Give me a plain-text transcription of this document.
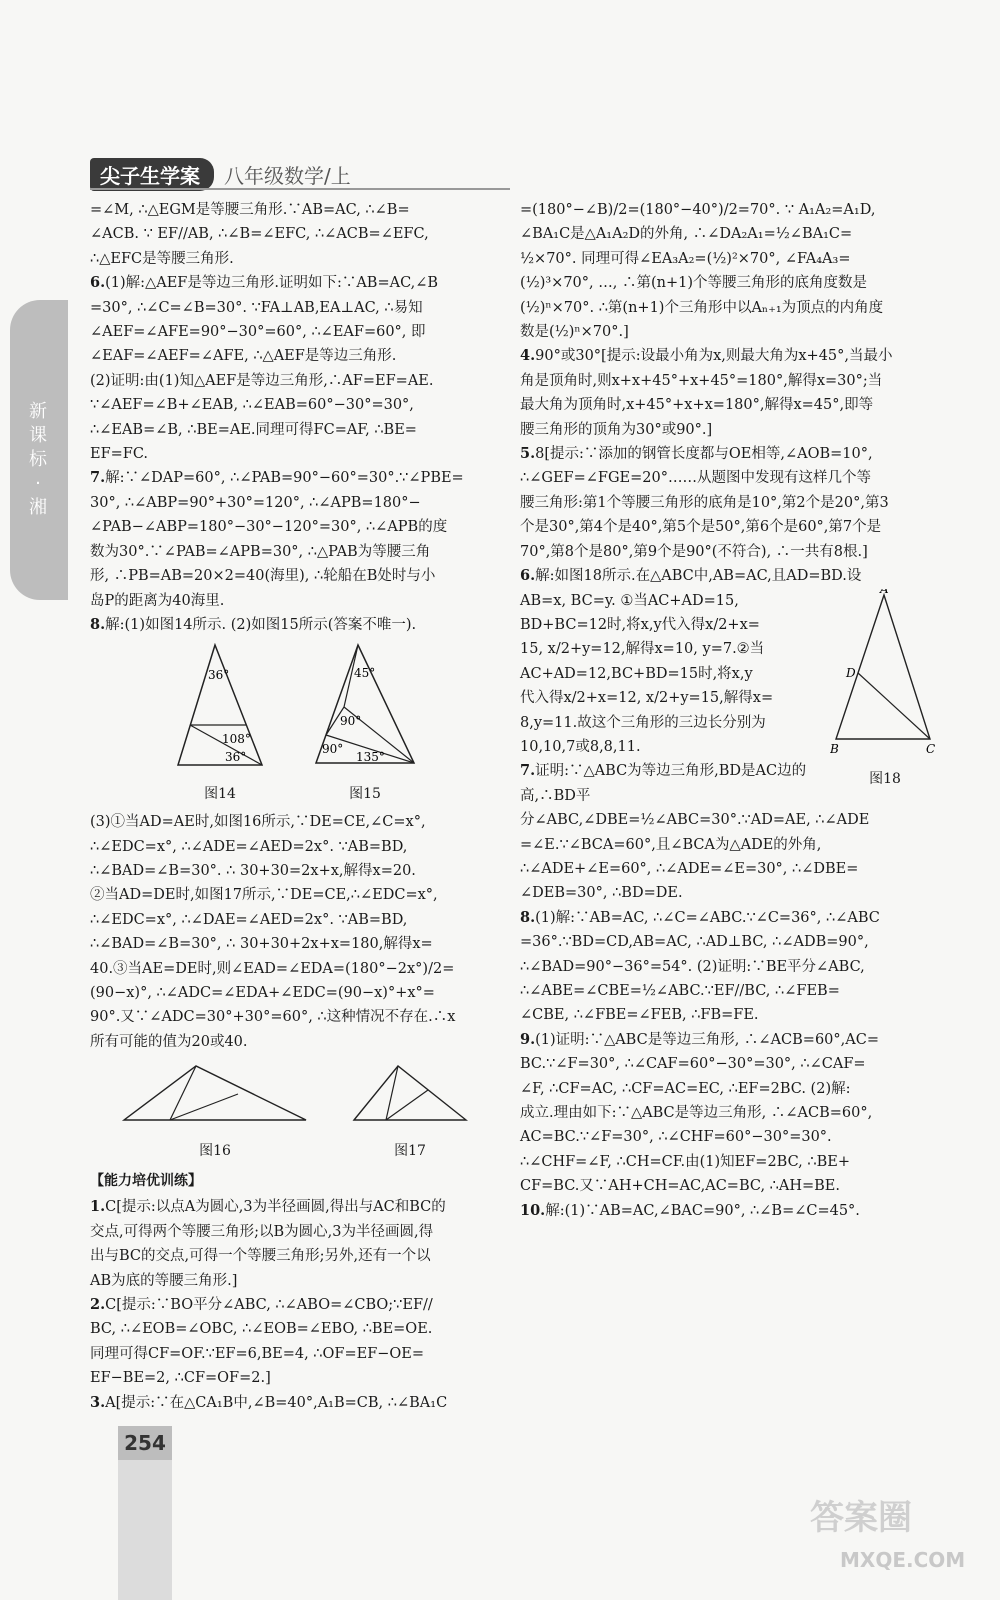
新课标·湘
尖子生学案	八年级数学/上

=∠M, ∴△EGM是等腰三角形.∵AB=AC, ∴∠B=

∠ACB. ∵ EF//AB, ∴∠B=∠EFC, ∴∠ACB=∠EFC,

∴△EFC是等腰三角形.

6.(1)解:△AEF是等边三角形.证明如下:∵AB=AC,∠B

=30°, ∴∠C=∠B=30°. ∵FA⊥AB,EA⊥AC, ∴易知

∠AEF=∠AFE=90°−30°=60°, ∴∠EAF=60°, 即

∠EAF=∠AEF=∠AFE, ∴△AEF是等边三角形.

(2)证明:由(1)知△AEF是等边三角形,∴AF=EF=AE.

∵∠AEF=∠B+∠EAB, ∴∠EAB=60°−30°=30°,

∴∠EAB=∠B, ∴BE=AE.同理可得FC=AF, ∴BE=

EF=FC.

7.解:∵∠DAP=60°, ∴∠PAB=90°−60°=30°.∵∠PBE=

30°, ∴∠ABP=90°+30°=120°, ∴∠APB=180°−

∠PAB−∠ABP=180°−30°−120°=30°, ∴∠APB的度

数为30°.∵∠PAB=∠APB=30°, ∴△PAB为等腰三角

形, ∴PB=AB=20×2=40(海里), ∴轮船在B处时与小

岛P的距离为40海里.

8.解:(1)如图14所示. (2)如图15所示(答案不唯一).

36°
108°
36°
图14
45°
90°
90°
135°
图15

(3)①当AD=AE时,如图16所示,∵DE=CE,∠C=x°,

∴∠EDC=x°, ∴∠ADE=∠AED=2x°. ∵AB=BD,

∴∠BAD=∠B=30°. ∴ 30+30=2x+x,解得x=20.

②当AD=DE时,如图17所示,∵DE=CE,∴∠EDC=x°,

∴∠EDC=x°, ∴∠DAE=∠AED=2x°. ∵AB=BD,

∴∠BAD=∠B=30°, ∴ 30+30+2x+x=180,解得x=

40.③当AE=DE时,则∠EAD=∠EDA=(180°−2x°)/2=

(90−x)°, ∴∠ADC=∠EDA+∠EDC=(90−x)°+x°=

90°.又∵∠ADC=30°+30°=60°, ∴这种情况不存在.∴x

所有可能的值为20或40.

图16	图17
【能力培优训练】

1.C[提示:以点A为圆心,3为半径画圆,得出与AC和BC的

交点,可得两个等腰三角形;以B为圆心,3为半径画圆,得

出与BC的交点,可得一个等腰三角形;另外,还有一个以

AB为底的等腰三角形.]

2.C[提示:∵BO平分∠ABC, ∴∠ABO=∠CBO;∵EF//

BC, ∴∠EOB=∠OBC, ∴∠EOB=∠EBO, ∴BE=OE.

同理可得CF=OF.∵EF=6,BE=4, ∴OF=EF−OE=

EF−BE=2, ∴CF=OF=2.]

3.A[提示:∵在△CA₁B中,∠B=40°,A₁B=CB, ∴∠BA₁C

=(180°−∠B)/2=(180°−40°)/2=70°. ∵ A₁A₂=A₁D,

∠BA₁C是△A₁A₂D的外角, ∴∠DA₂A₁=½∠BA₁C=

½×70°. 同理可得∠EA₃A₂=(½)²×70°, ∠FA₄A₃=

(½)³×70°, …, ∴第(n+1)个等腰三角形的底角度数是

(½)ⁿ×70°. ∴第(n+1)个三角形中以Aₙ₊₁为顶点的内角度

数是(½)ⁿ×70°.]

4.90°或30°[提示:设最小角为x,则最大角为x+45°,当最小

角是顶角时,则x+x+45°+x+45°=180°,解得x=30°;当

最大角为顶角时,x+45°+x+x=180°,解得x=45°,即等

腰三角形的顶角为30°或90°.]

5.8[提示:∵添加的钢管长度都与OE相等,∠AOB=10°,

∴∠GEF=∠FGE=20°……从题图中发现有这样几个等

腰三角形:第1个等腰三角形的底角是10°,第2个是20°,第3

个是30°,第4个是40°,第5个是50°,第6个是60°,第7个是

70°,第8个是80°,第9个是90°(不符合), ∴一共有8根.]

6.解:如图18所示.在△ABC中,AB=AC,且AD=BD.设

A
D
B	C
图18

AB=x, BC=y. ①当AC+AD=15,

BD+BC=12时,将x,y代入得x/2+x=

15, x/2+y=12,解得x=10, y=7.②当

AC+AD=12,BC+BD=15时,将x,y

代入得x/2+x=12, x/2+y=15,解得x=

8,y=11.故这个三角形的三边长分别为

10,10,7或8,8,11.

7.证明:∵△ABC为等边三角形,BD是AC边的高,∴BD平

分∠ABC,∠DBE=½∠ABC=30°.∵AD=AE, ∴∠ADE

=∠E.∵∠BCA=60°,且∠BCA为△ADE的外角,

∴∠ADE+∠E=60°, ∴∠ADE=∠E=30°, ∴∠DBE=

∠DEB=30°, ∴BD=DE.

8.(1)解:∵AB=AC, ∴∠C=∠ABC.∵∠C=36°, ∴∠ABC

=36°.∵BD=CD,AB=AC, ∴AD⊥BC, ∴∠ADB=90°,

∴∠BAD=90°−36°=54°. (2)证明:∵BE平分∠ABC,

∴∠ABE=∠CBE=½∠ABC.∵EF//BC, ∴∠FEB=

∠CBE, ∴∠FBE=∠FEB, ∴FB=FE.

9.(1)证明:∵△ABC是等边三角形, ∴∠ACB=60°,AC=

BC.∵∠F=30°, ∴∠CAF=60°−30°=30°, ∴∠CAF=

∠F, ∴CF=AC, ∴CF=AC=EC, ∴EF=2BC. (2)解:

成立.理由如下:∵△ABC是等边三角形, ∴∠ACB=60°,

AC=BC.∵∠F=30°, ∴∠CHF=60°−30°=30°.

∴∠CHF=∠F, ∴CH=CF.由(1)知EF=2BC, ∴BE+

CF=BC.又∵AH+CH=AC,AC=BC, ∴AH=BE.

10.解:(1)∵AB=AC,∠BAC=90°, ∴∠B=∠C=45°.

254
答案圈
MXQE.COM
